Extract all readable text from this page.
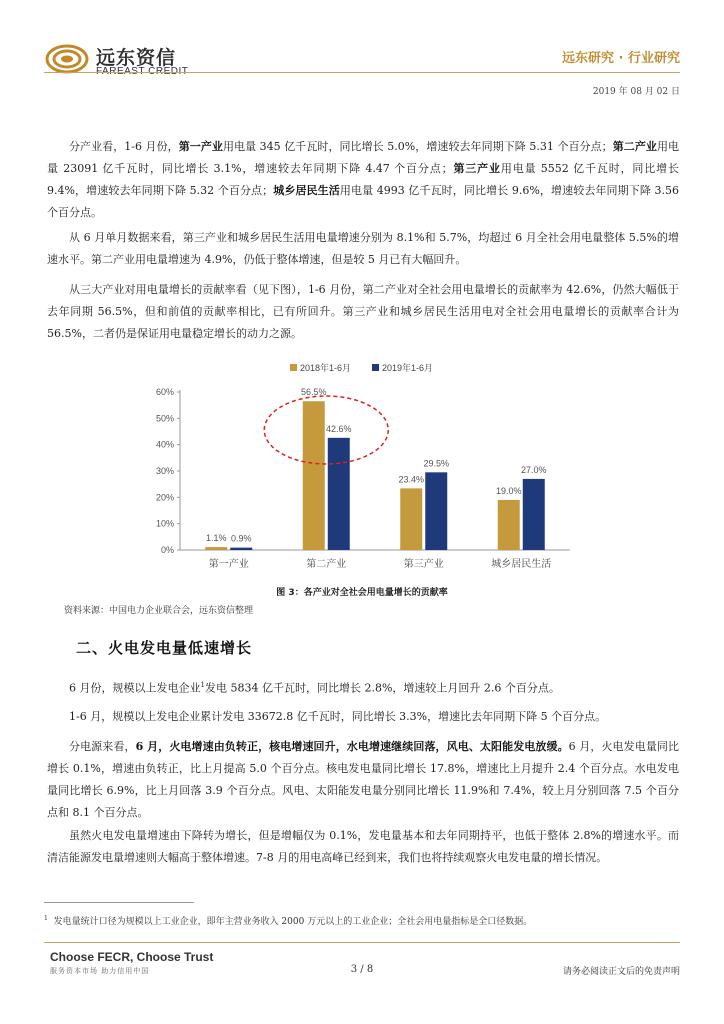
远东资信	远东研究 · 行业研究
2019 年 08 月 02 日
分产业看，1-6 月份，第一产业用电量 345 亿千瓦时，同比增长 5.0%，增速较去年同期下降 5.31 个百分点；第二产业用电量 23091 亿千瓦时，同比增长 3.1%，增速较去年同期下降 4.47 个百分点；第三产业用电量 5552 亿千瓦时，同比增长 9.4%，增速较去年同期下降 5.32 个百分点；城乡居民生活用电量 4993 亿千瓦时，同比增长 9.6%，增速较去年同期下降 3.56 个百分点。
从 6 月单月数据来看，第三产业和城乡居民生活用电量增速分别为 8.1%和 5.7%，均超过 6 月全社会用电量整体 5.5%的增速水平。第二产业用电量增速为 4.9%，仍低于整体增速，但是较 5 月已有大幅回升。
从三大产业对用电量增长的贡献率看（见下图），1-6 月份，第二产业对全社会用电量增长的贡献率为 42.6%，仍然大幅低于去年同期 56.5%，但和前值的贡献率相比，已有所回升。第三产业和城乡居民生活用电对全社会用电量增长的贡献率合计为 56.5%，二者仍是保证用电量稳定增长的动力之源。
0%
10%
20%
30%
40%
50%
60%
2018年1-6月	2019年1-6月
第一产业
1.1% 0.9%
第二产业
56.5%
42.6%
第三产业
23.4%
29.5%
城乡居民生活
19.0%
27.0%
图 3：各产业对全社会用电量增长的贡献率
资料来源：中国电力企业联合会，远东资信整理
二、火电发电量低速增长
6 月份，规模以上发电企业$^1$发电 5834 亿千瓦时，同比增长 2.8%，增速较上月回升 2.6 个百分点。
1-6 月，规模以上发电企业累计发电 33672.8 亿千瓦时，同比增长 3.3%，增速比去年同期下降 5 个百分点。
分电源来看，6 月，火电增速由负转正，核电增速回升，水电增速继续回落，风电、太阳能发电放缓。6 月，火电发电量同比增长 0.1%，增速由负转正，比上月提高 5.0 个百分点。核电发电量同比增长 17.8%，增速比上月提升 2.4 个百分点。水电发电量同比增长 6.9%，比上月回落 3.9 个百分点。风电、太阳能发电量分别同比增长 11.9%和 7.4%，较上月分别回落 7.5 个百分点和 8.1 个百分点。
虽然火电发电量增速由下降转为增长，但是增幅仅为 0.1%，发电量基本和去年同期持平，也低于整体 2.8%的增速水平。而清洁能源发电量增速则大幅高于整体增速。7-8 月的用电高峰已经到来，我们也将持续观察火电发电量的增长情况。
$^1$ 发电量统计口径为规模以上工业企业，即年主营业务收入 2000 万元以上的工业企业；全社会用电量指标是全口径数据。
Choose FECR, Choose Trust
服务资本市场 助力信用中国	3 / 8	请务必阅读正文后的免责声明
